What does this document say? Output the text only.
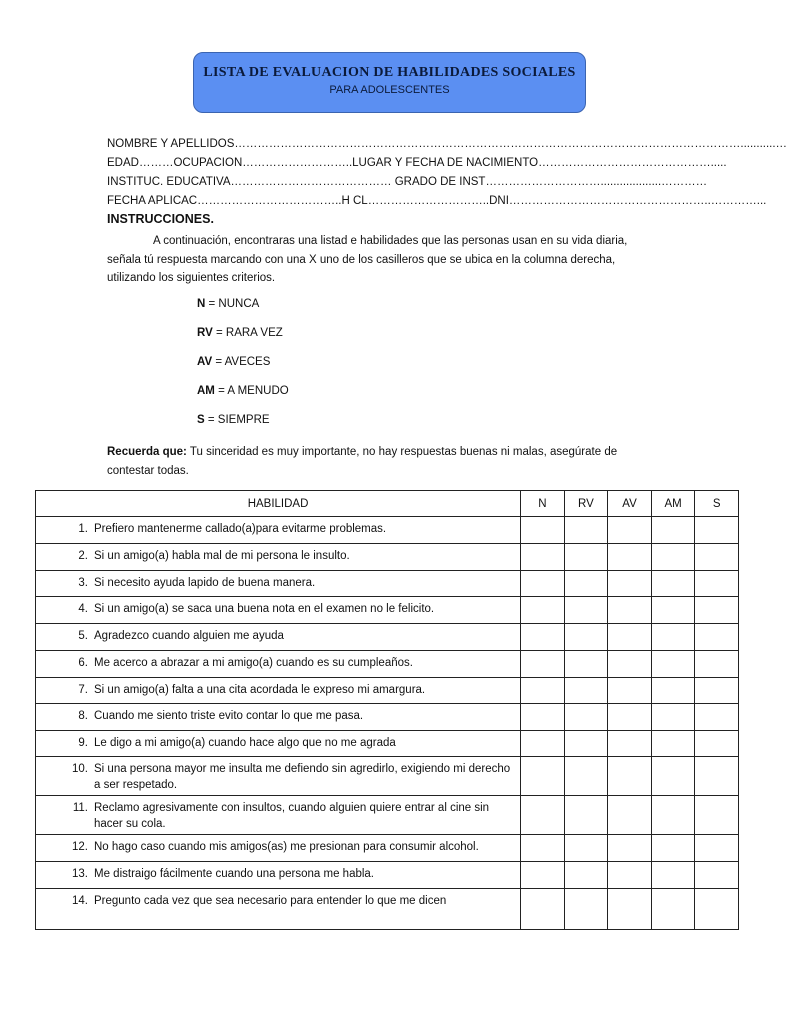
LISTA DE EVALUACION DE HABILIDADES SOCIALES
PARA ADOLESCENTES
NOMBRE Y APELLIDOS……………………………………………………………………………………………………………………...........…
EDAD………OCUPACION………………………..LUGAR Y FECHA DE NACIMIENTO……………………………………….....
INSTITUC. EDUCATIVA…………………………………… GRADO DE INST…………………………...................…………
FECHA APLICAC………………………………..H CL…………………………..DNI……………………………………………..…………...
INSTRUCCIONES.
A continuación, encontraras una listad e habilidades que las personas usan en su vida diaria, señala tú respuesta marcando con una X uno de los casilleros que se ubica en la columna derecha, utilizando los siguientes criterios.
N = NUNCA
RV = RARA VEZ
AV = AVECES
AM = A MENUDO
S = SIEMPRE
Recuerda que: Tu sinceridad es muy importante, no hay respuestas buenas ni malas, asegúrate de contestar todas.
HABILIDAD	N	RV	AV	AM	S

1. Prefiero mantenerme callado(a)para evitarme problemas.					

2. Si un amigo(a) habla mal de mi persona le insulto.					

3. Si necesito ayuda lapido de buena manera.					

4. Si un amigo(a) se saca una buena nota en el examen no le felicito.					

5. Agradezco cuando alguien me ayuda					

6. Me acerco a abrazar a mi amigo(a) cuando es su cumpleaños.					

7. Si un amigo(a) falta a una cita acordada le expreso mi amargura.					

8. Cuando me siento triste evito contar lo que me pasa.					

9. Le digo a mi amigo(a) cuando hace algo que no me agrada					

10. Si una persona mayor me insulta me defiendo sin agredirlo, exigiendo mi derecho a ser respetado.					

11. Reclamo agresivamente con insultos, cuando alguien quiere entrar al cine sin hacer su cola.					

12. No hago caso cuando mis amigos(as) me presionan para consumir alcohol.					

13. Me distraigo fácilmente cuando una persona me habla.					

14. Pregunto cada vez que sea necesario para entender lo que me dicen					
